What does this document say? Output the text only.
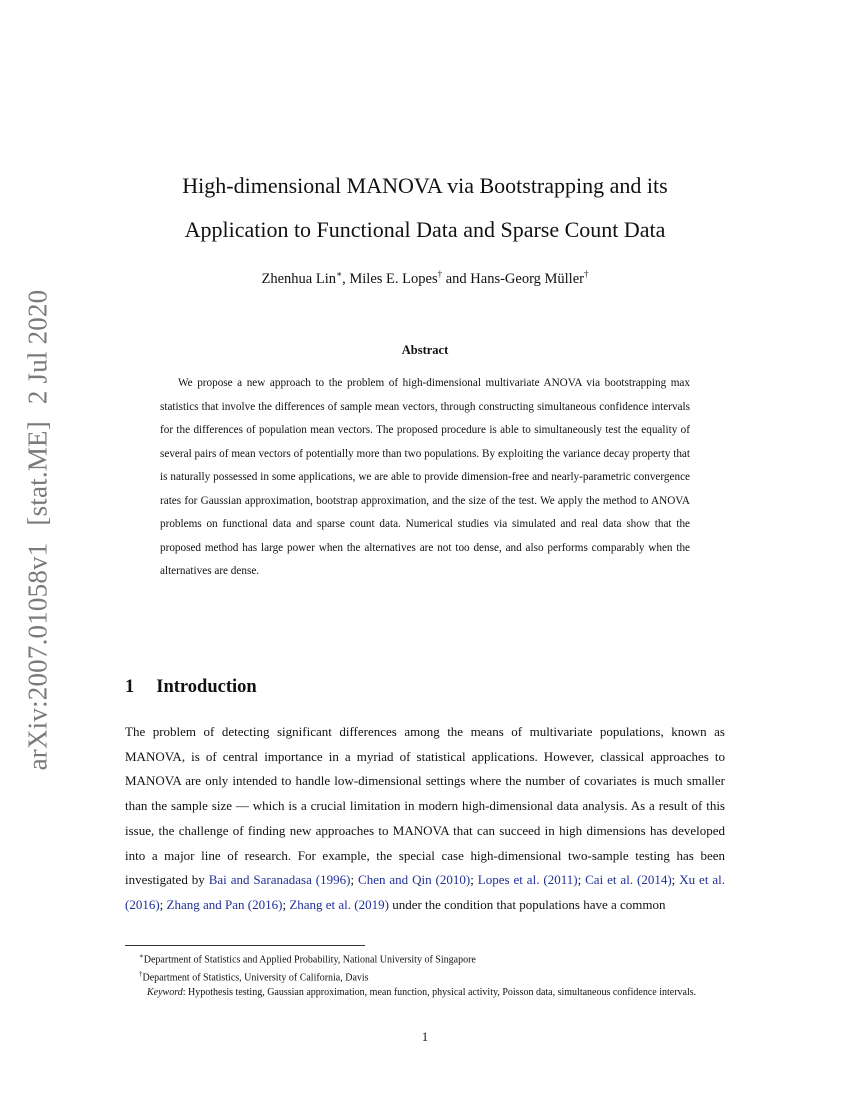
arXiv:2007.01058v1 [stat.ME] 2 Jul 2020
High-dimensional MANOVA via Bootstrapping and its
Application to Functional Data and Sparse Count Data
Zhenhua Lin∗, Miles E. Lopes† and Hans-Georg Müller†
Abstract

We propose a new approach to the problem of high-dimensional multivariate ANOVA via bootstrapping max statistics that involve the differences of sample mean vectors, through constructing simultaneous confidence intervals for the differences of population mean vectors. The proposed procedure is able to simultaneously test the equality of several pairs of mean vectors of potentially more than two populations. By exploiting the variance decay property that is naturally possessed in some applications, we are able to provide dimension-free and nearly-parametric convergence rates for Gaussian approximation, bootstrap approximation, and the size of the test. We apply the method to ANOVA problems on functional data and sparse count data. Numerical studies via simulated and real data show that the proposed method has large power when the alternatives are not too dense, and also performs comparably when the alternatives are dense.

1 Introduction

The problem of detecting significant differences among the means of multivariate populations, known as MANOVA, is of central importance in a myriad of statistical applications. However, classical approaches to MANOVA are only intended to handle low-dimensional settings where the number of covariates is much smaller than the sample size — which is a crucial limitation in modern high-dimensional data analysis. As a result of this issue, the challenge of finding new approaches to MANOVA that can succeed in high dimensions has developed into a major line of research. For example, the special case high-dimensional two-sample testing has been investigated by Bai and Saranadasa (1996); Chen and Qin (2010); Lopes et al. (2011); Cai et al. (2014); Xu et al. (2016); Zhang and Pan (2016); Zhang et al. (2019) under the condition that populations have a common

∗Department of Statistics and Applied Probability, National University of Singapore
†Department of Statistics, University of California, Davis
Keyword: Hypothesis testing, Gaussian approximation, mean function, physical activity, Poisson data, simultaneous confidence intervals.
1
